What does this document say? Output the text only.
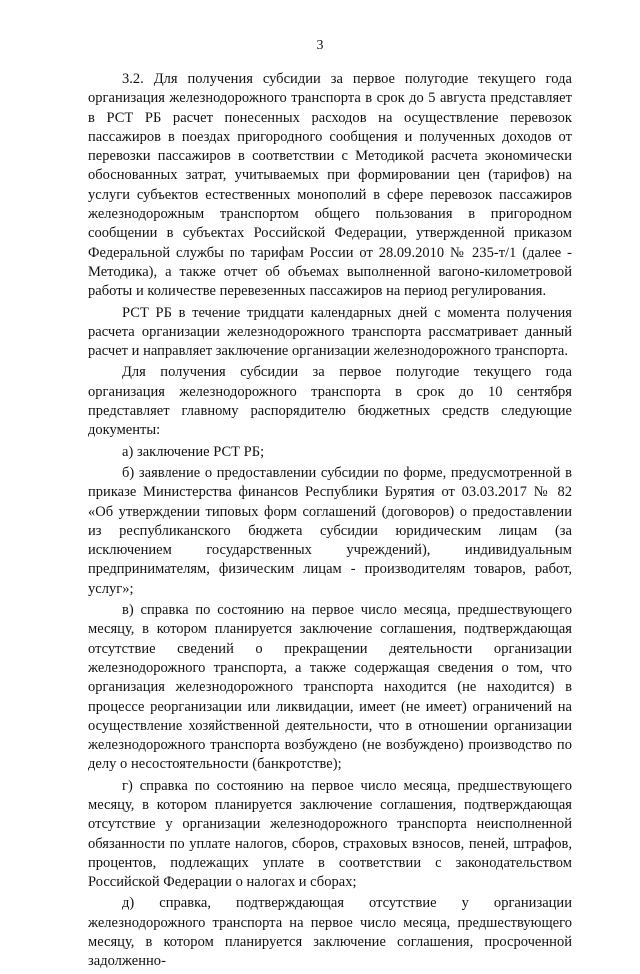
3

3.2. Для получения субсидии за первое полугодие текущего года организация железнодорожного транспорта в срок до 5 августа представляет в РСТ РБ расчет понесенных расходов на осуществление перевозок пассажиров в поездах пригородного сообщения и полученных доходов от перевозки пассажиров в соответствии с Методикой расчета экономически обоснованных затрат, учитываемых при формировании цен (тарифов) на услуги субъектов естественных монополий в сфере перевозок пассажиров железнодорожным транспортом общего пользования в пригородном сообщении в субъектах Российской Федерации, утвержденной приказом Федеральной службы по тарифам России от 28.09.2010 № 235-т/1 (далее - Методика), а также отчет об объемах выполненной вагоно-километровой работы и количестве перевезенных пассажиров на период регулирования.

РСТ РБ в течение тридцати календарных дней с момента получения расчета организации железнодорожного транспорта рассматривает данный расчет и направляет заключение организации железнодорожного транспорта.

Для получения субсидии за первое полугодие текущего года организация железнодорожного транспорта в срок до 10 сентября представляет главному распорядителю бюджетных средств следующие документы:

а) заключение РСТ РБ;

б) заявление о предоставлении субсидии по форме, предусмотренной в приказе Министерства финансов Республики Бурятия от 03.03.2017 № 82 «Об утверждении типовых форм соглашений (договоров) о предоставлении из республиканского бюджета субсидии юридическим лицам (за исключением государственных учреждений), индивидуальным предпринимателям, физическим лицам - производителям товаров, работ, услуг»;

в) справка по состоянию на первое число месяца, предшествующего месяцу, в котором планируется заключение соглашения, подтверждающая отсутствие сведений о прекращении деятельности организации железнодорожного транспорта, а также содержащая сведения о том, что организация железнодорожного транспорта находится (не находится) в процессе реорганизации или ликвидации, имеет (не имеет) ограничений на осуществление хозяйственной деятельности, что в отношении организации железнодорожного транспорта возбуждено (не возбуждено) производство по делу о несостоятельности (банкротстве);

г) справка по состоянию на первое число месяца, предшествующего месяцу, в котором планируется заключение соглашения, подтверждающая отсутствие у организации железнодорожного транспорта неисполненной обязанности по уплате налогов, сборов, страховых взносов, пеней, штрафов, процентов, подлежащих уплате в соответствии с законодательством Российской Федерации о налогах и сборах;

д) справка, подтверждающая отсутствие у организации железнодорожного транспорта на первое число месяца, предшествующего месяцу, в котором планируется заключение соглашения, просроченной задолженно-
